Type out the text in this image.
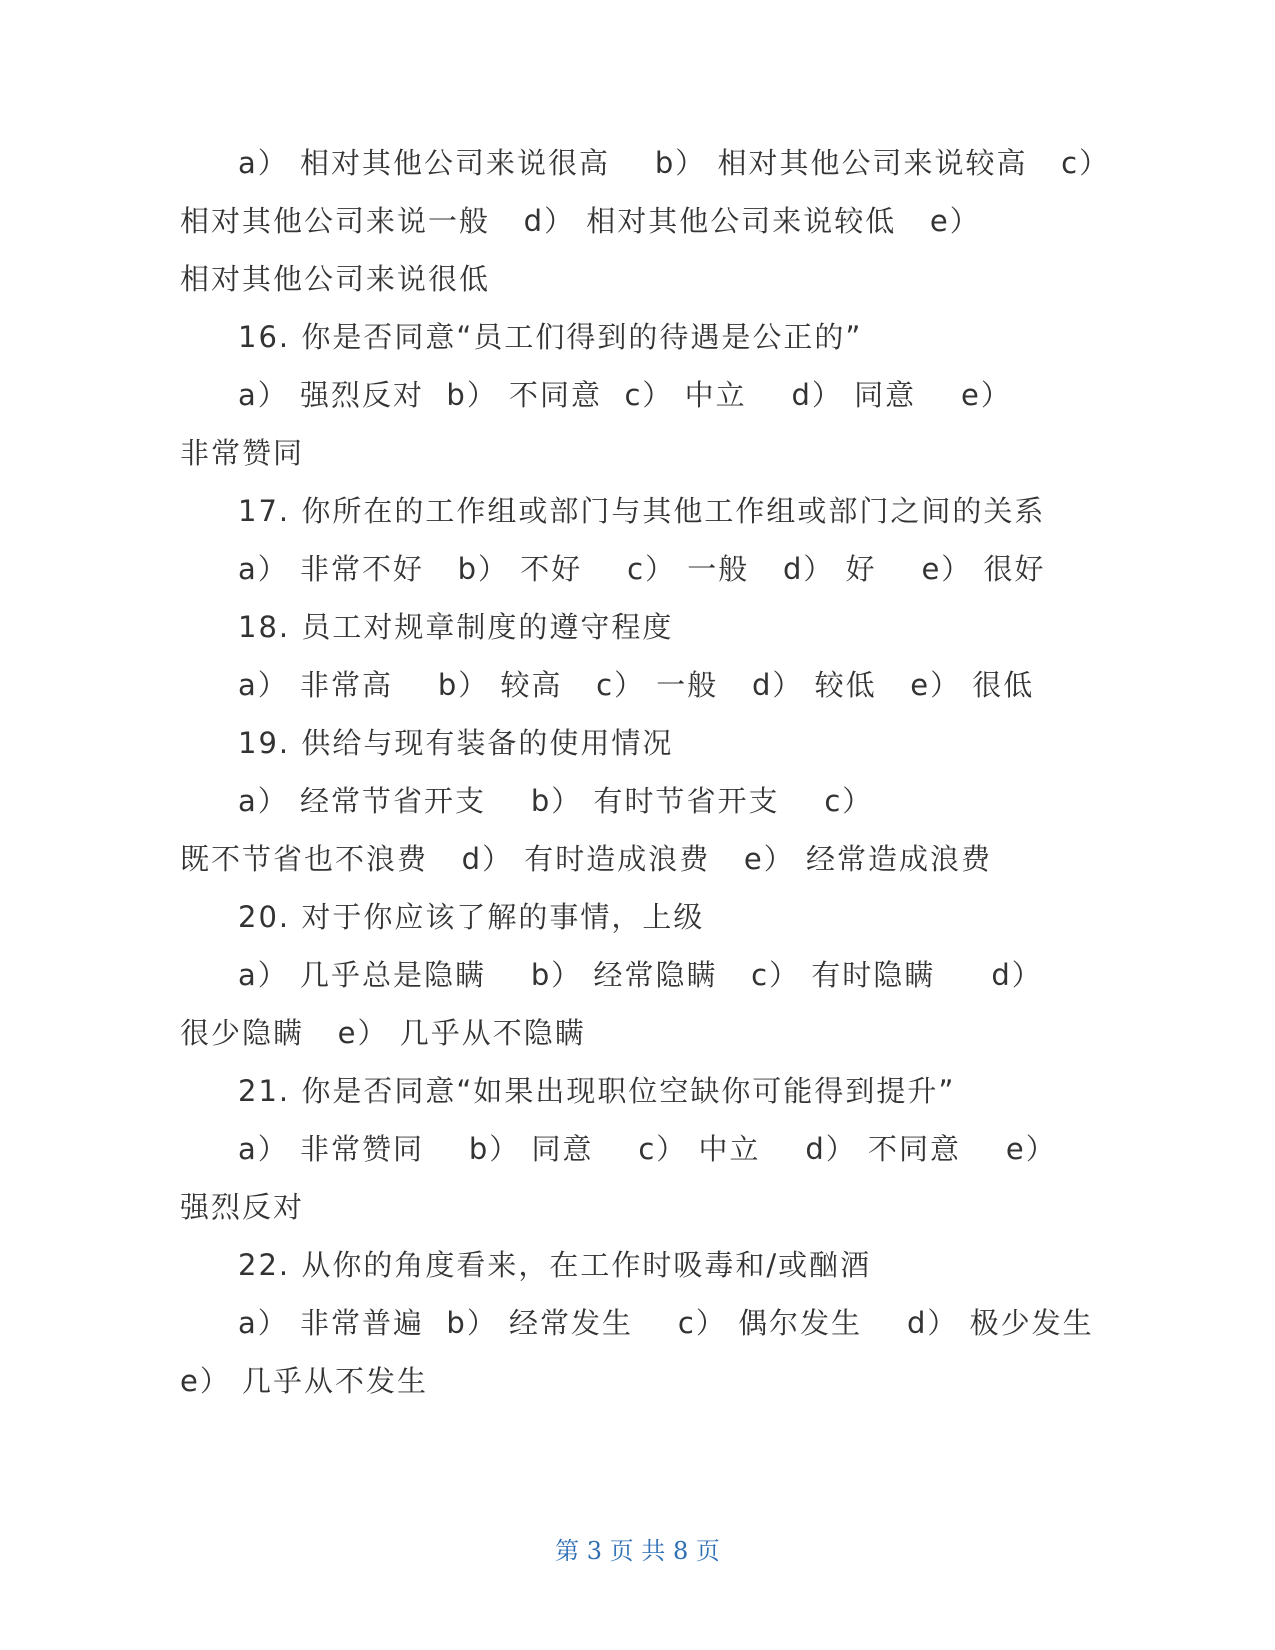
a） 相对其他公司来说很高    b） 相对其他公司来说较高   c）
相对其他公司来说一般   d） 相对其他公司来说较低   e）
相对其他公司来说很低
16. 你是否同意“员工们得到的待遇是公正的”
a） 强烈反对  b） 不同意  c） 中立    d） 同意    e）
非常赞同
17. 你所在的工作组或部门与其他工作组或部门之间的关系
a） 非常不好   b） 不好    c） 一般   d） 好    e） 很好
18. 员工对规章制度的遵守程度
a） 非常高    b） 较高   c） 一般   d） 较低   e） 很低
19. 供给与现有装备的使用情况
a） 经常节省开支    b） 有时节省开支    c）
既不节省也不浪费   d） 有时造成浪费   e） 经常造成浪费
20. 对于你应该了解的事情，上级
a） 几乎总是隐瞒    b） 经常隐瞒   c） 有时隐瞒     d）
很少隐瞒   e） 几乎从不隐瞒
21. 你是否同意“如果出现职位空缺你可能得到提升”
a） 非常赞同    b） 同意    c） 中立    d） 不同意    e）
强烈反对
22. 从你的角度看来，在工作时吸毒和/或酗酒
a） 非常普遍  b） 经常发生    c） 偶尔发生    d） 极少发生
e） 几乎从不发生
第 3 页 共 8 页
